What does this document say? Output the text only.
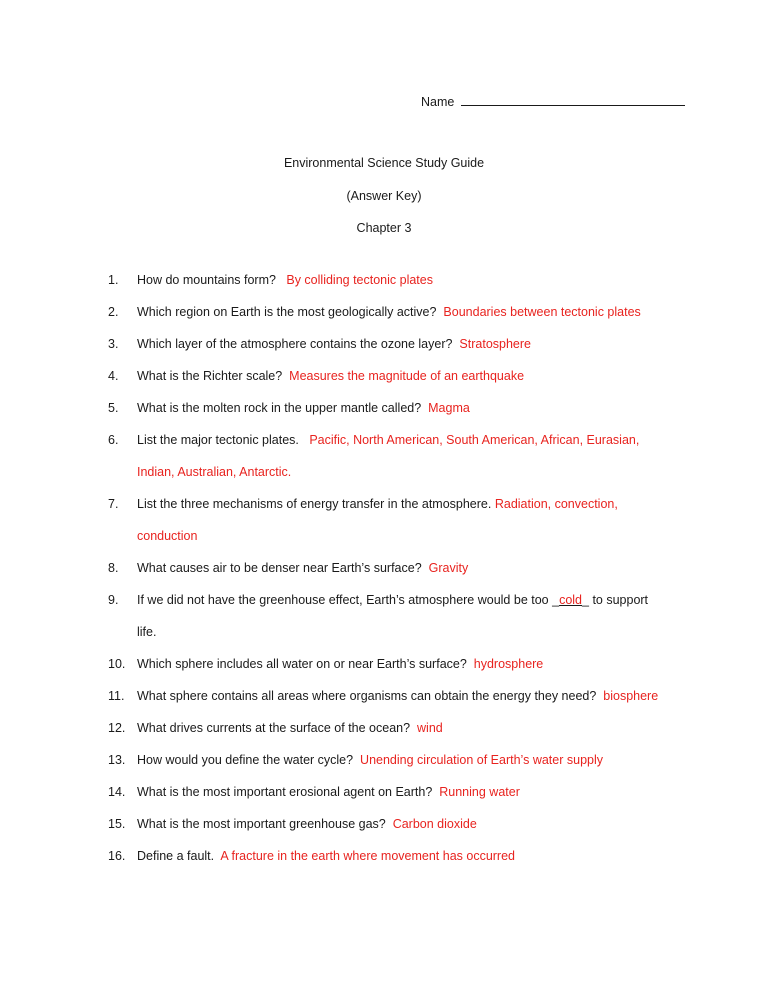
Name
Environmental Science Study Guide
(Answer Key)
Chapter 3
1. How do mountains form? By colliding tectonic plates
2. Which region on Earth is the most geologically active? Boundaries between tectonic plates
3. Which layer of the atmosphere contains the ozone layer? Stratosphere
4. What is the Richter scale? Measures the magnitude of an earthquake
5. What is the molten rock in the upper mantle called? Magma
6. List the major tectonic plates. Pacific, North American, South American, African, Eurasian,
Indian, Australian, Antarctic.
7. List the three mechanisms of energy transfer in the atmosphere. Radiation, convection,
conduction
8. What causes air to be denser near Earth’s surface? Gravity
9. If we did not have the greenhouse effect, Earth’s atmosphere would be too _cold_ to support
life.
10. Which sphere includes all water on or near Earth’s surface? hydrosphere
11. What sphere contains all areas where organisms can obtain the energy they need? biosphere
12. What drives currents at the surface of the ocean? wind
13. How would you define the water cycle? Unending circulation of Earth’s water supply
14. What is the most important erosional agent on Earth? Running water
15. What is the most important greenhouse gas? Carbon dioxide
16. Define a fault. A fracture in the earth where movement has occurred
